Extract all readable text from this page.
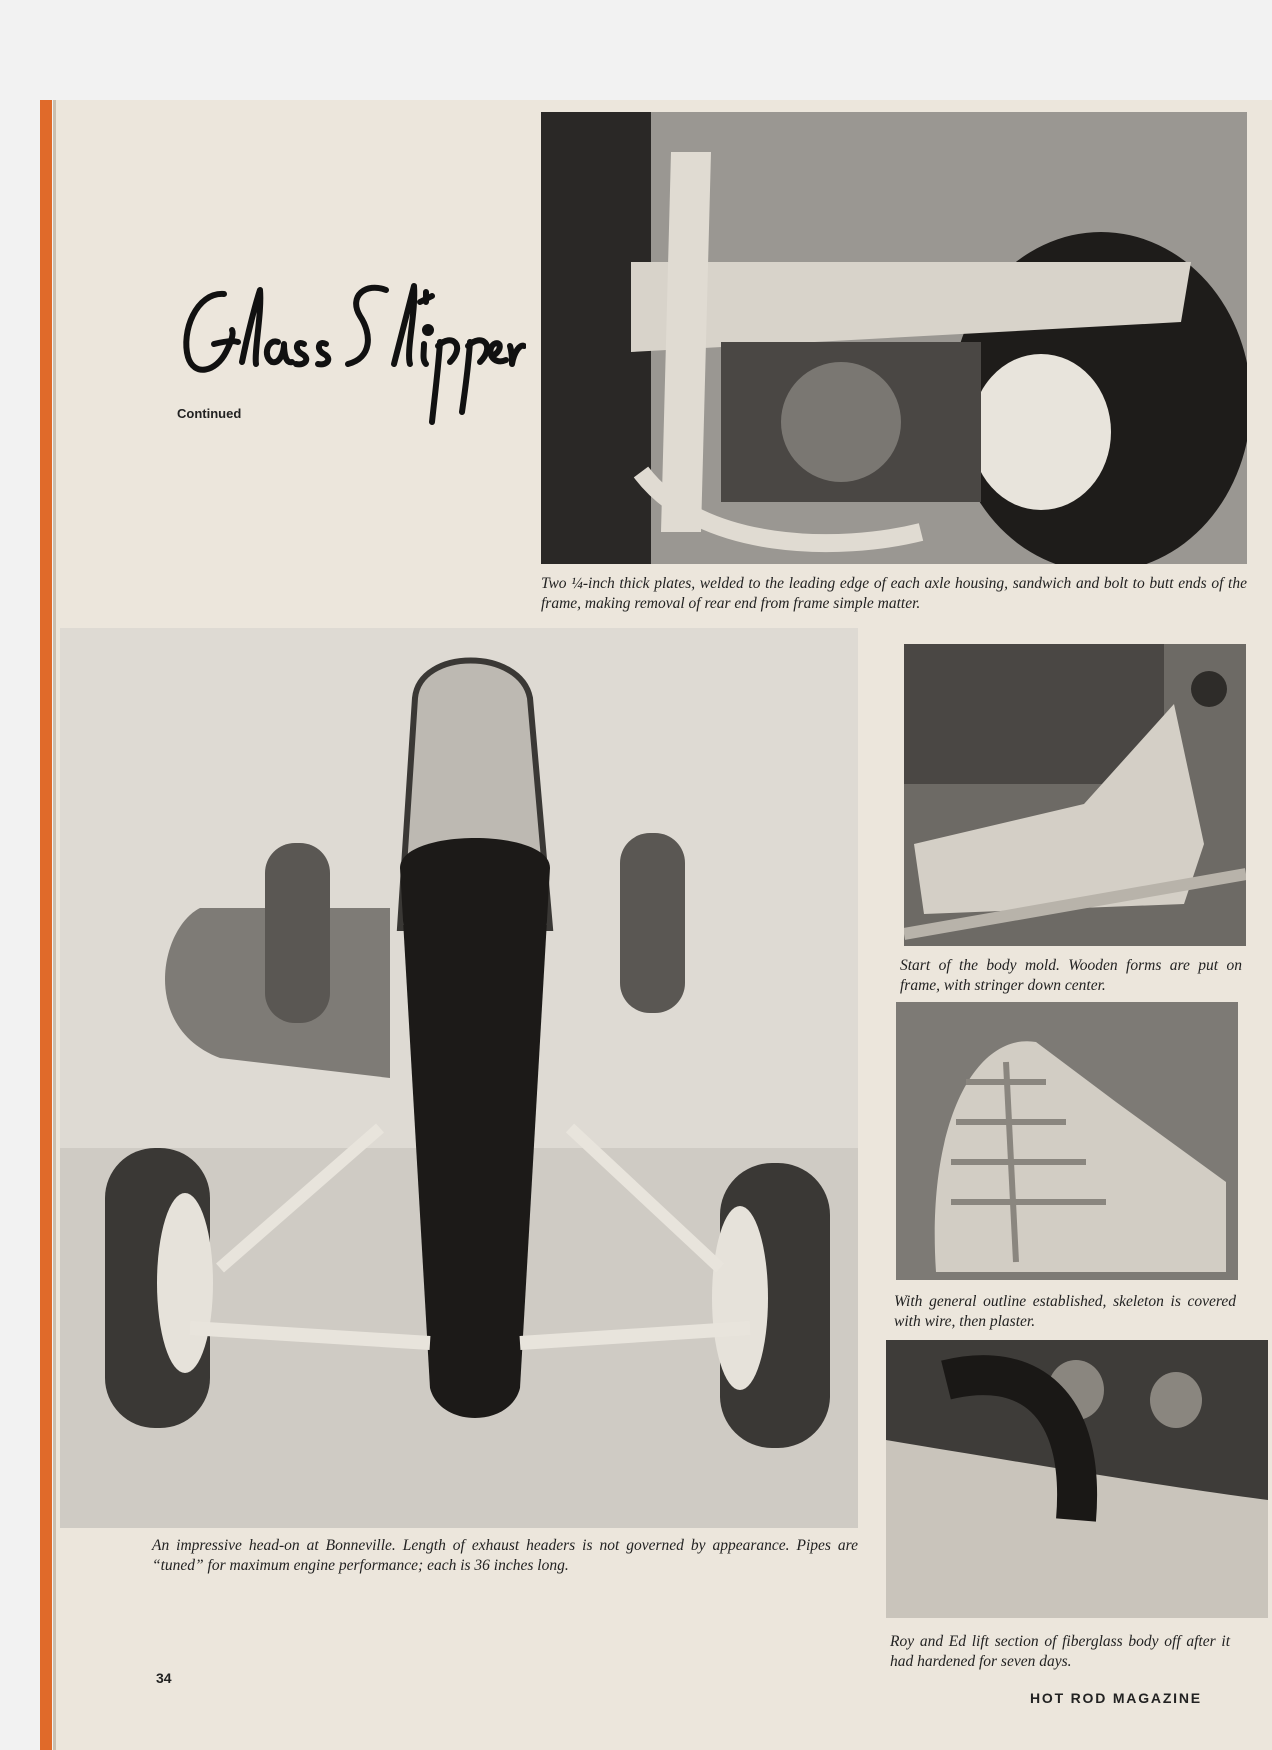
Continued

Two ¼-inch thick plates, welded to the leading edge of each axle housing, sandwich and bolt to butt ends of the frame, making removal of rear end from frame simple matter.

An impressive head-on at Bonneville. Length of exhaust headers is not governed by appearance. Pipes are “tuned” for maximum engine performance; each is 36 inches long.

Start of the body mold. Wooden forms are put on frame, with stringer down center.

With general outline established, skeleton is covered with wire, then plaster.

Roy and Ed lift section of fiberglass body off after it had hardened for seven days.

34
HOT ROD MAGAZINE
